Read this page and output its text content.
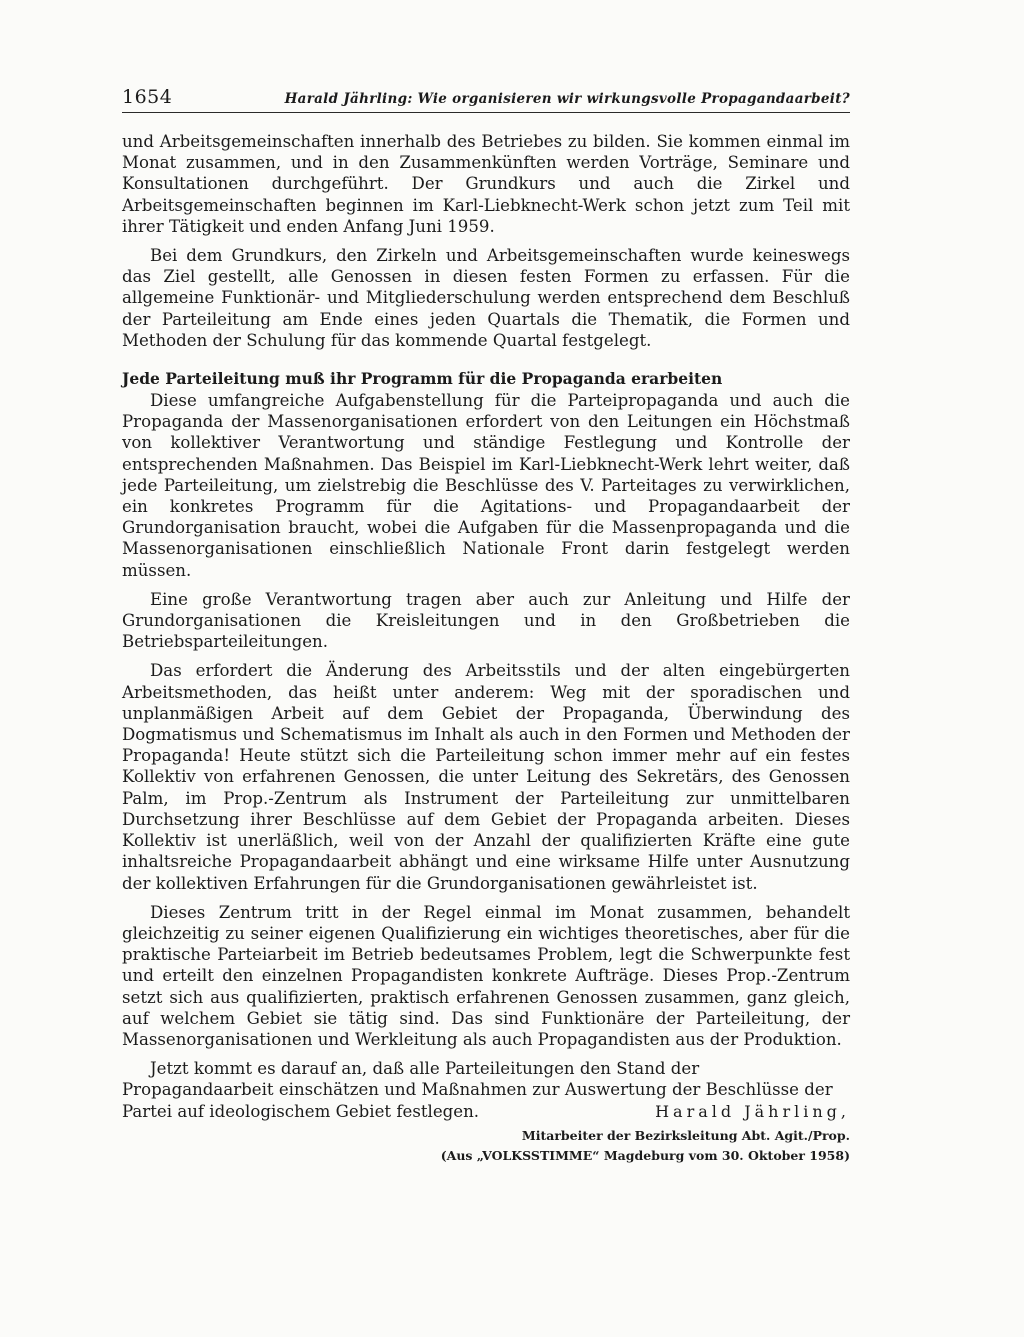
1654	Harald Jährling: Wie organisieren wir wirkungsvolle Propagandaarbeit?

und Arbeitsgemeinschaften innerhalb des Betriebes zu bilden. Sie kommen einmal im Monat zusammen, und in den Zusammenkünften werden Vorträge, Seminare und Konsultationen durchgeführt. Der Grundkurs und auch die Zirkel und Arbeitsgemeinschaften beginnen im Karl-Liebknecht-Werk schon jetzt zum Teil mit ihrer Tätigkeit und enden Anfang Juni 1959.

Bei dem Grundkurs, den Zirkeln und Arbeitsgemeinschaften wurde keineswegs das Ziel gestellt, alle Genossen in diesen festen Formen zu erfassen. Für die allgemeine Funktionär- und Mitgliederschulung werden entsprechend dem Beschluß der Parteileitung am Ende eines jeden Quartals die Thematik, die Formen und Methoden der Schulung für das kommende Quartal festgelegt.

Jede Parteileitung muß ihr Programm für die Propaganda erarbeiten

Diese umfangreiche Aufgabenstellung für die Parteipropaganda und auch die Propaganda der Massenorganisationen erfordert von den Leitungen ein Höchstmaß von kollektiver Verantwortung und ständige Festlegung und Kontrolle der entsprechenden Maßnahmen. Das Beispiel im Karl-Liebknecht-Werk lehrt weiter, daß jede Parteileitung, um zielstrebig die Beschlüsse des V. Parteitages zu verwirklichen, ein konkretes Programm für die Agitations- und Propagandaarbeit der Grundorganisation braucht, wobei die Aufgaben für die Massenpropaganda und die Massenorganisationen einschließlich Nationale Front darin festgelegt werden müssen.

Eine große Verantwortung tragen aber auch zur Anleitung und Hilfe der Grundorganisationen die Kreisleitungen und in den Großbetrieben die Betriebsparteileitungen.

Das erfordert die Änderung des Arbeitsstils und der alten eingebürgerten Arbeitsmethoden, das heißt unter anderem: Weg mit der sporadischen und unplanmäßigen Arbeit auf dem Gebiet der Propaganda, Überwindung des Dogmatismus und Schematismus im Inhalt als auch in den Formen und Methoden der Propaganda! Heute stützt sich die Parteileitung schon immer mehr auf ein festes Kollektiv von erfahrenen Genossen, die unter Leitung des Sekretärs, des Genossen Palm, im Prop.-Zentrum als Instrument der Parteileitung zur unmittelbaren Durchsetzung ihrer Beschlüsse auf dem Gebiet der Propaganda arbeiten. Dieses Kollektiv ist unerläßlich, weil von der Anzahl der qualifizierten Kräfte eine gute inhaltsreiche Propagandaarbeit abhängt und eine wirksame Hilfe unter Ausnutzung der kollektiven Erfahrungen für die Grundorganisationen gewährleistet ist.

Dieses Zentrum tritt in der Regel einmal im Monat zusammen, behandelt gleichzeitig zu seiner eigenen Qualifizierung ein wichtiges theoretisches, aber für die praktische Parteiarbeit im Betrieb bedeutsames Problem, legt die Schwerpunkte fest und erteilt den einzelnen Propagandisten konkrete Aufträge. Dieses Prop.-Zentrum setzt sich aus qualifizierten, praktisch erfahrenen Genossen zusammen, ganz gleich, auf welchem Gebiet sie tätig sind. Das sind Funktionäre der Parteileitung, der Massenorganisationen und Werkleitung als auch Propagandisten aus der Produktion.

Jetzt kommt es darauf an, daß alle Parteileitungen den Stand der Propagandaarbeit einschätzen und Maßnahmen zur Auswertung der Beschlüsse der Partei auf ideologischem Gebiet festlegen.	Harald Jährling,

Mitarbeiter der Bezirksleitung Abt. Agit./Prop.
(Aus „VOLKSSTIMME“ Magdeburg vom 30. Oktober 1958)
